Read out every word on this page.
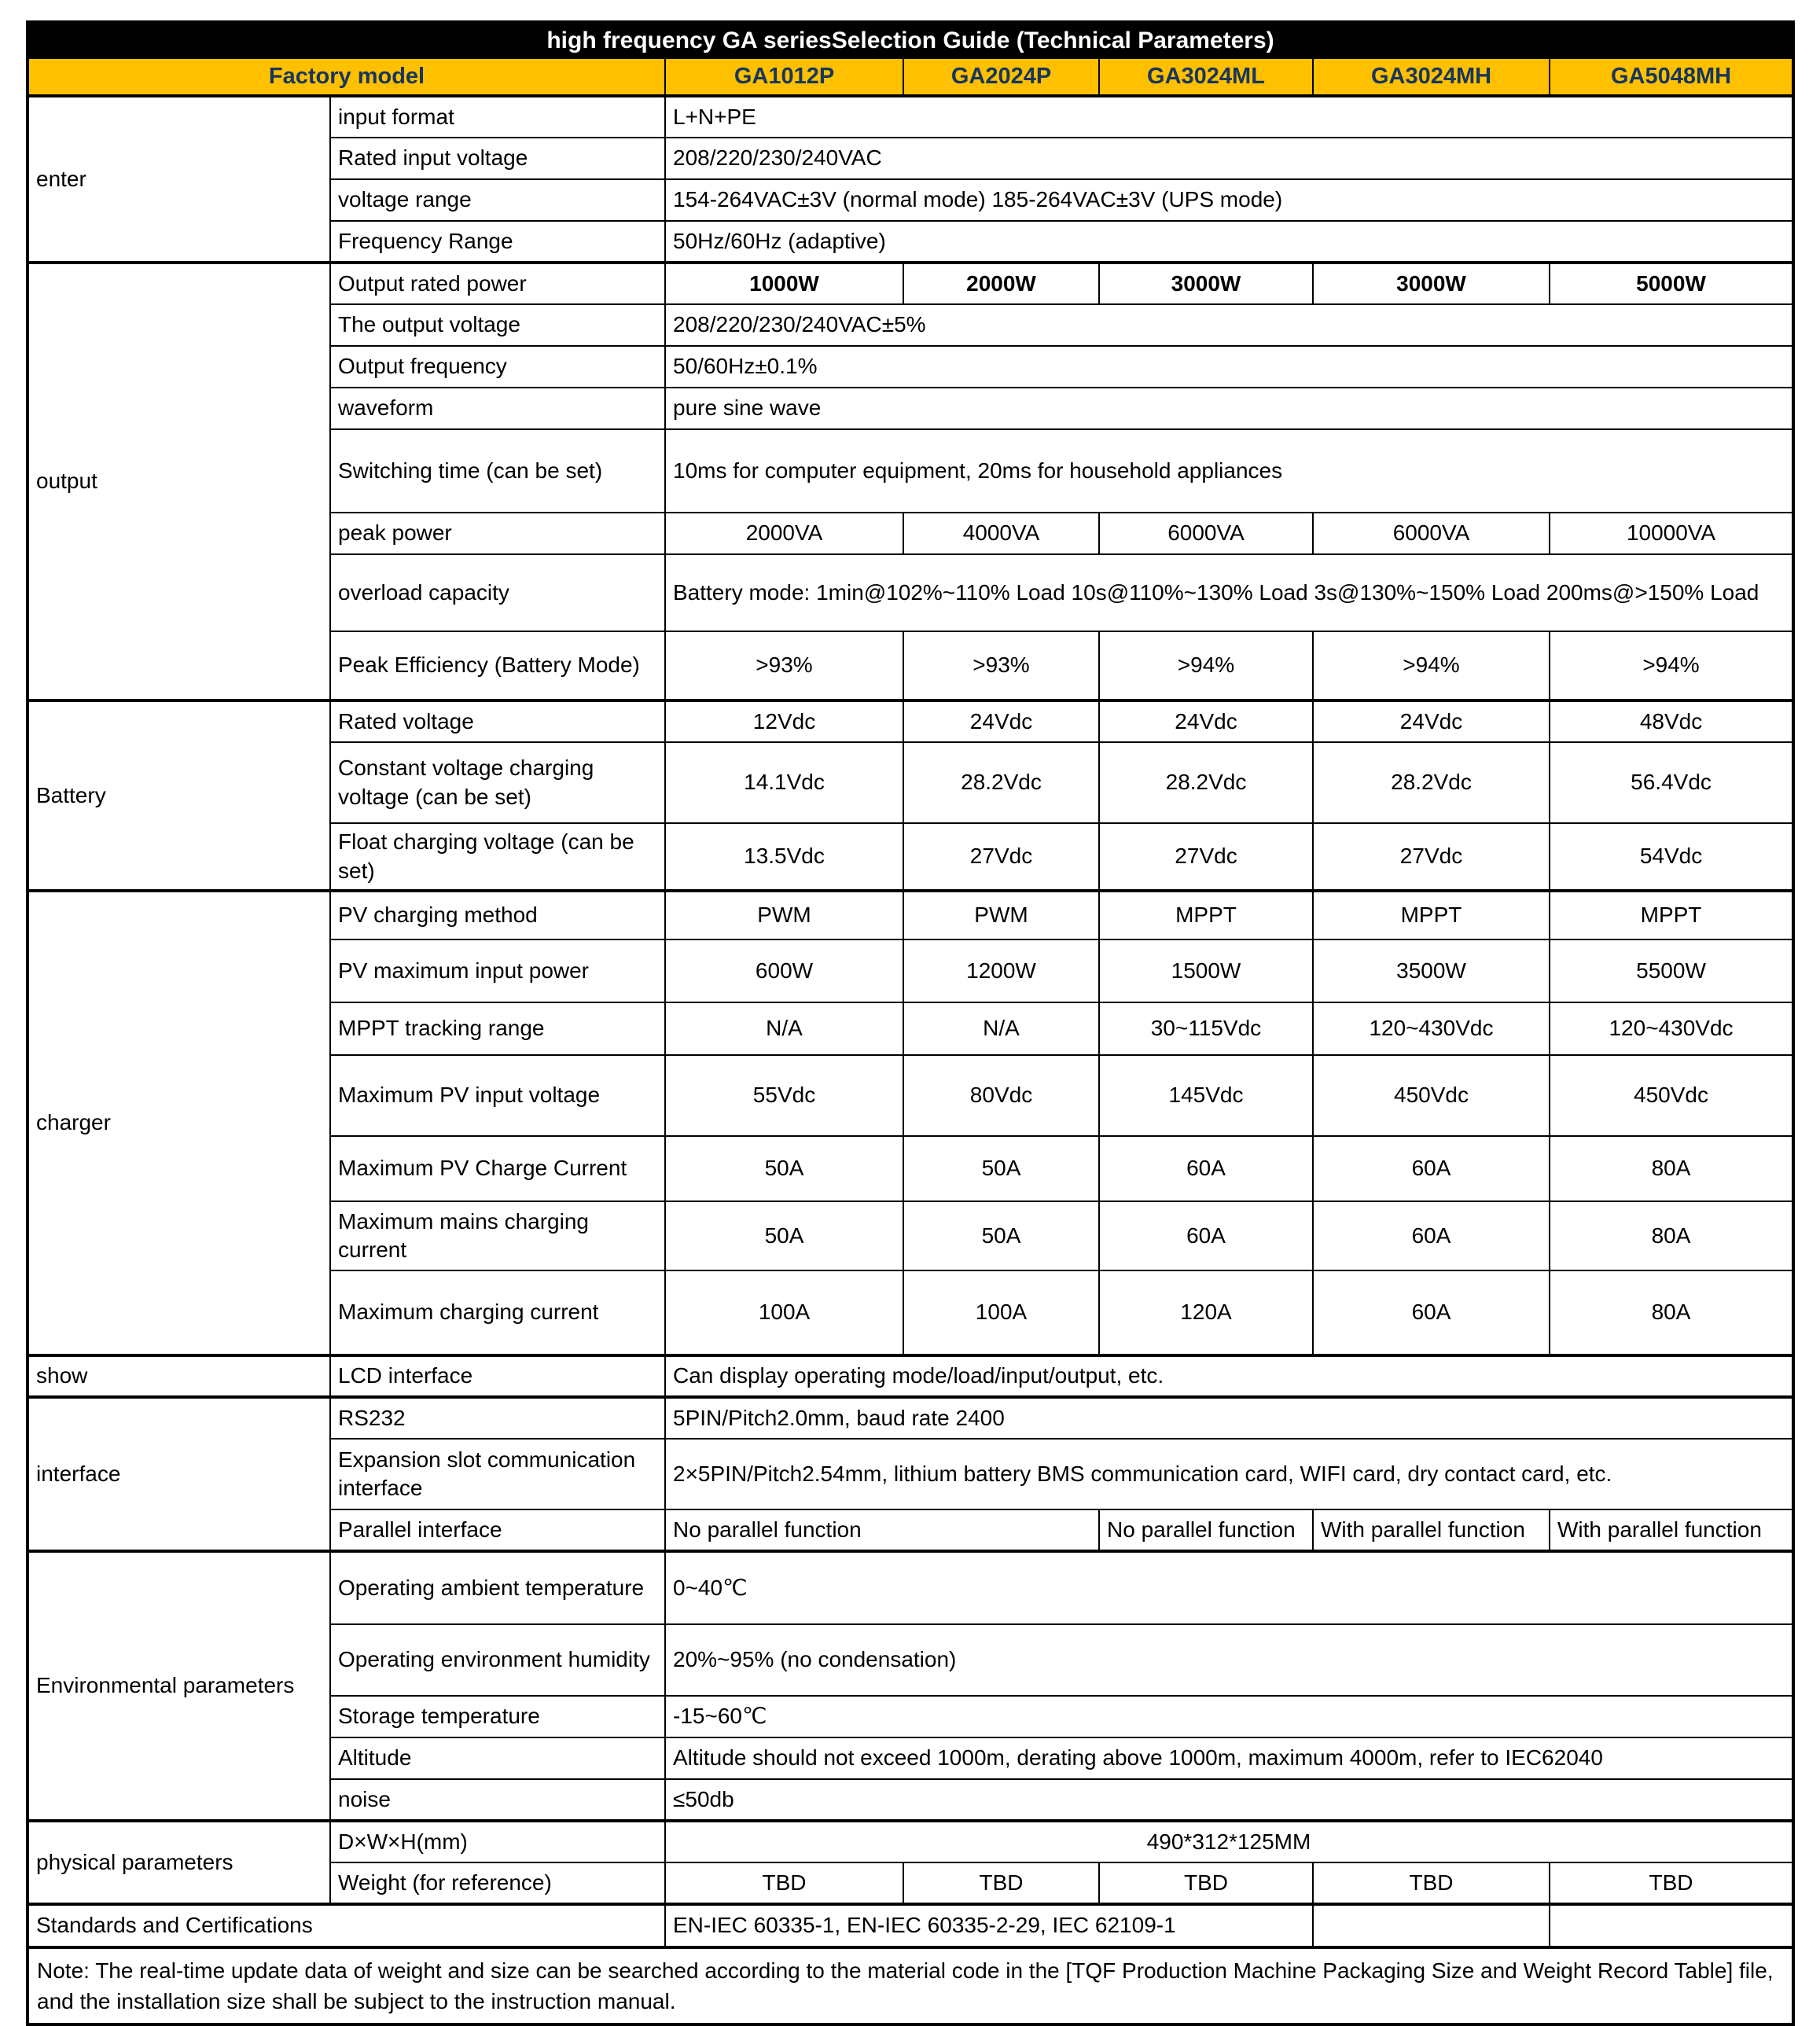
high frequency GA seriesSelection Guide (Technical Parameters)						
Factory model		GA1012P	GA2024P	GA3024ML	GA3024MH	GA5048MH
enter	input format	L+N+PE				
	Rated input voltage	208/220/230/240VAC				
	voltage range	154-264VAC±3V (normal mode) 185-264VAC±3V (UPS mode)				
	Frequency Range	50Hz/60Hz (adaptive)				
output	Output rated power	1000W	2000W	3000W	3000W	5000W
	The output voltage	208/220/230/240VAC±5%				
	Output frequency	50/60Hz±0.1%				
	waveform	pure sine wave				
	Switching time (can be set)	10ms for computer equipment, 20ms for household appliances				
	peak power	2000VA	4000VA	6000VA	6000VA	10000VA
	overload capacity	Battery mode: 1min@102%~110% Load 10s@110%~130% Load 3s@130%~150% Load 200ms@>150% Load				
	Peak Efficiency (Battery Mode)	>93%	>93%	>94%	>94%	>94%
Battery	Rated voltage	12Vdc	24Vdc	24Vdc	24Vdc	48Vdc
	Constant voltage charging voltage (can be set)	14.1Vdc	28.2Vdc	28.2Vdc	28.2Vdc	56.4Vdc
	Float charging voltage (can be set)	13.5Vdc	27Vdc	27Vdc	27Vdc	54Vdc
charger	PV charging method	PWM	PWM	MPPT	MPPT	MPPT
	PV maximum input power	600W	1200W	1500W	3500W	5500W
	MPPT tracking range	N/A	N/A	30~115Vdc	120~430Vdc	120~430Vdc
	Maximum PV input voltage	55Vdc	80Vdc	145Vdc	450Vdc	450Vdc
	Maximum PV Charge Current	50A	50A	60A	60A	80A
	Maximum mains charging current	50A	50A	60A	60A	80A
	Maximum charging current	100A	100A	120A	60A	80A
show	LCD interface	Can display operating mode/load/input/output, etc.				
interface	RS232	5PIN/Pitch2.0mm, baud rate 2400				
	Expansion slot communication interface	2×5PIN/Pitch2.54mm, lithium battery BMS communication card, WIFI card, dry contact card, etc.				
	Parallel interface	No parallel function		No parallel function	With parallel function	With parallel function
Environmental parameters	Operating ambient temperature	0~40℃				
	Operating environment humidity	20%~95% (no condensation)				
	Storage temperature	-15~60℃				
	Altitude	Altitude should not exceed 1000m, derating above 1000m, maximum 4000m, refer to IEC62040				
	noise	≤50db				
physical parameters	D×W×H(mm)	490*312*125MM				
	Weight (for reference)	TBD	TBD	TBD	TBD	TBD
Standards and Certifications		EN-IEC 60335-1, EN-IEC 60335-2-29, IEC 62109-1				
Note: The real-time update data of weight and size can be searched according to the material code in the [TQF Production Machine Packaging Size and Weight Record Table] file, and the installation size shall be subject to the instruction manual.						
